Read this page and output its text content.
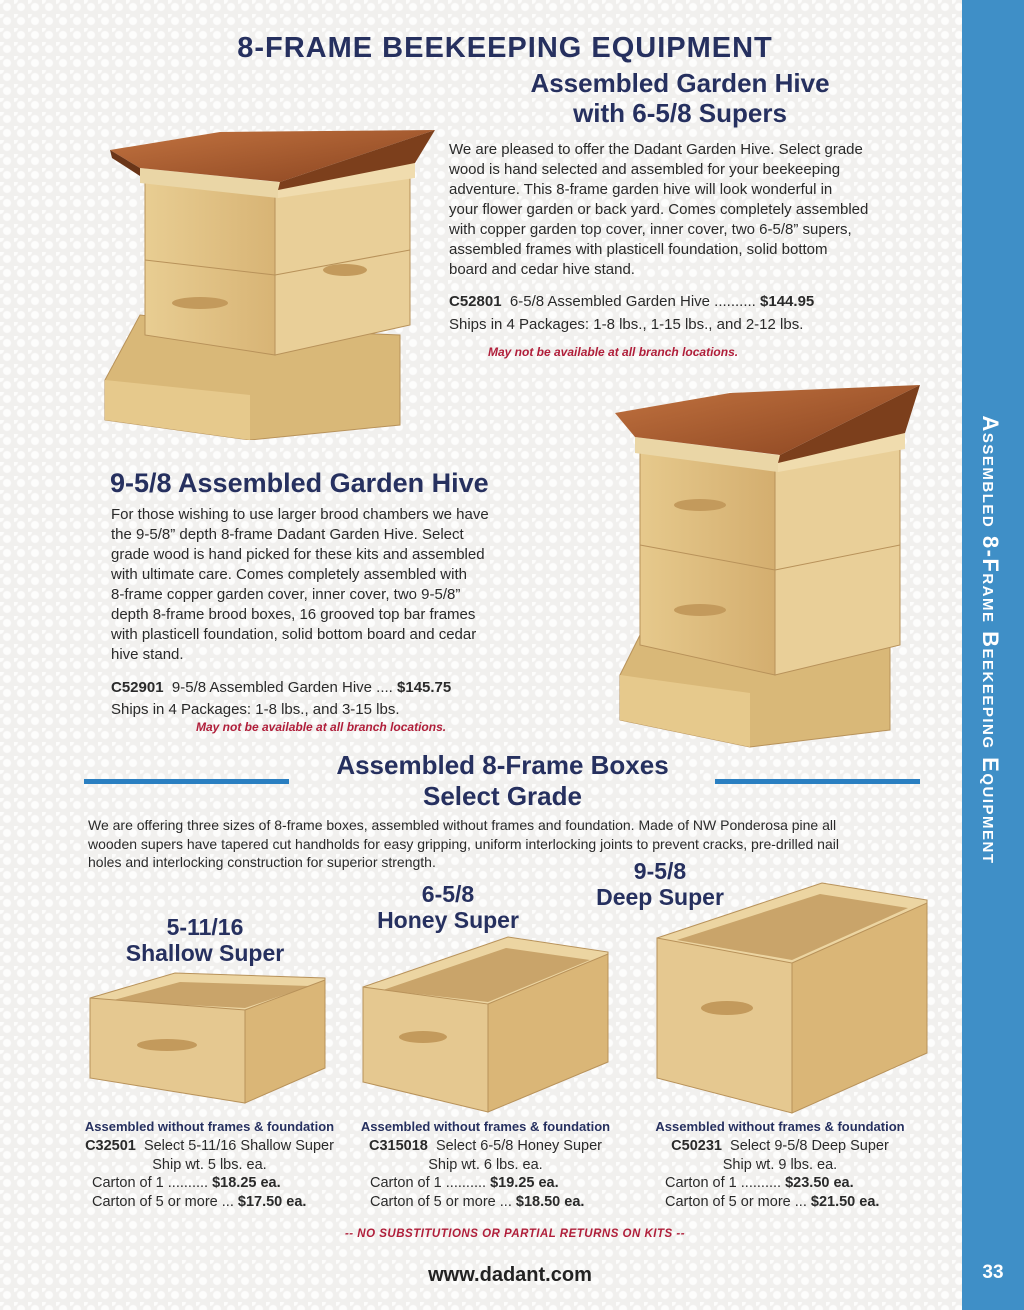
Assembled 8-Frame Beekeeping Equipment
33
8-FRAME BEEKEEPING EQUIPMENT
Assembled Garden Hive
with 6-5/8 Supers
We are pleased to offer the Dadant Garden Hive. Select grade
wood is hand selected and assembled for your beekeeping
adventure. This 8-frame garden hive will look wonderful in
your flower garden or back yard. Comes completely assembled
with copper garden top cover, inner cover, two 6-5/8” supers,
assembled frames with plasticell foundation, solid bottom
board and cedar hive stand.
C52801 6-5/8 Assembled Garden Hive .......... $144.95
Ships in 4 Packages: 1-8 lbs., 1-15 lbs., and 2-12 lbs.
May not be available at all branch locations.
9-5/8 Assembled Garden Hive
For those wishing to use larger brood chambers we have
the 9-5/8” depth 8-frame Dadant Garden Hive. Select
grade wood is hand picked for these kits and assembled
with ultimate care. Comes completely assembled with
8-frame copper garden cover, inner cover, two 9-5/8”
depth 8-frame brood boxes, 16 grooved top bar frames
with plasticell foundation, solid bottom board and cedar
hive stand.
C52901 9-5/8 Assembled Garden Hive .... $145.75
Ships in 4 Packages: 1-8 lbs., and 3-15 lbs.
May not be available at all branch locations.
Assembled 8-Frame Boxes
Select Grade
We are offering three sizes of 8-frame boxes, assembled without frames and foundation. Made of NW Ponderosa pine all
wooden supers have tapered cut handholds for easy gripping, uniform interlocking joints to prevent cracks, pre-drilled nail
holes and interlocking construction for superior strength.
5-11/16
Shallow Super
6-5/8
Honey Super
9-5/8
Deep Super
Assembled without frames & foundation
C32501 Select 5-11/16 Shallow Super
Ship wt. 5 lbs. ea.
Carton of 1 .......... $18.25 ea.
Carton of 5 or more ... $17.50 ea.
Assembled without frames & foundation
C315018 Select 6-5/8 Honey Super
Ship wt. 6 lbs. ea.
Carton of 1 .......... $19.25 ea.
Carton of 5 or more ... $18.50 ea.
Assembled without frames & foundation
C50231 Select 9-5/8 Deep Super
Ship wt. 9 lbs. ea.
Carton of 1 .......... $23.50 ea.
Carton of 5 or more ... $21.50 ea.
-- NO SUBSTITUTIONS OR PARTIAL RETURNS ON KITS --
www.dadant.com
